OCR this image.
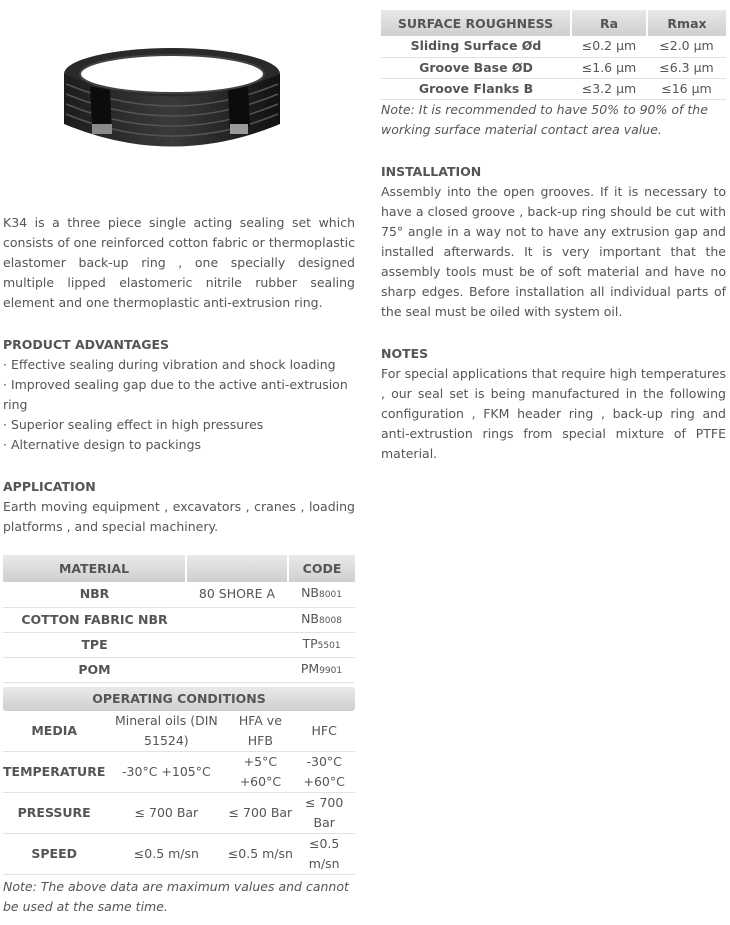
K34 is a three piece single acting sealing set which consists of one reinforced cotton fabric or thermoplastic elastomer back-up ring , one specially designed multiple lipped elastomeric nitrile rubber sealing element and one thermoplastic anti-extrusion ring.

PRODUCT ADVANTAGES
· Effective sealing during vibration and shock loading
· Improved sealing gap due to the active anti-extrusion ring
· Superior sealing effect in high pressures
· Alternative design to packings
APPLICATION

Earth moving equipment , excavators , cranes , loading platforms , and special machinery.

MATERIAL		CODE
NBR	80 SHORE A	NB8001
COTTON FABRIC NBR		NB8008
TPE		TP5501
POM		PM9901
OPERATING CONDITIONS
MEDIA	Mineral oils (DIN 51524)	HFA ve HFB	HFC
TEMPERATURE	-30°C +105°C	+5°C +60°C	-30°C +60°C
PRESSURE	≤ 700 Bar	≤ 700 Bar	≤ 700 Bar
SPEED	≤0.5 m/sn	≤0.5 m/sn	≤0.5 m/sn

Note: The above data are maximum values and cannot be used at the same time.

SURFACE ROUGHNESS	Ra	Rmax
Sliding Surface Ød	≤0.2 μm	≤2.0 μm
Groove Base ØD	≤1.6 μm	≤6.3 μm
Groove Flanks B	≤3.2 μm	≤16 μm

Note: It is recommended to have 50% to 90% of the working surface material contact area value.

INSTALLATION

Assembly into the open grooves. If it is necessary to have a closed groove , back-up ring should be cut with 75° angle in a way not to have any extrusion gap and installed afterwards. It is very important that the assembly tools must be of soft material and have no sharp edges. Before installation all individual parts of the seal must be oiled with system oil.

NOTES

For special applications that require high temperatures , our seal set is being manufactured in the following configuration , FKM header ring , back-up ring and anti-extrustion rings from special mixture of PTFE material.
